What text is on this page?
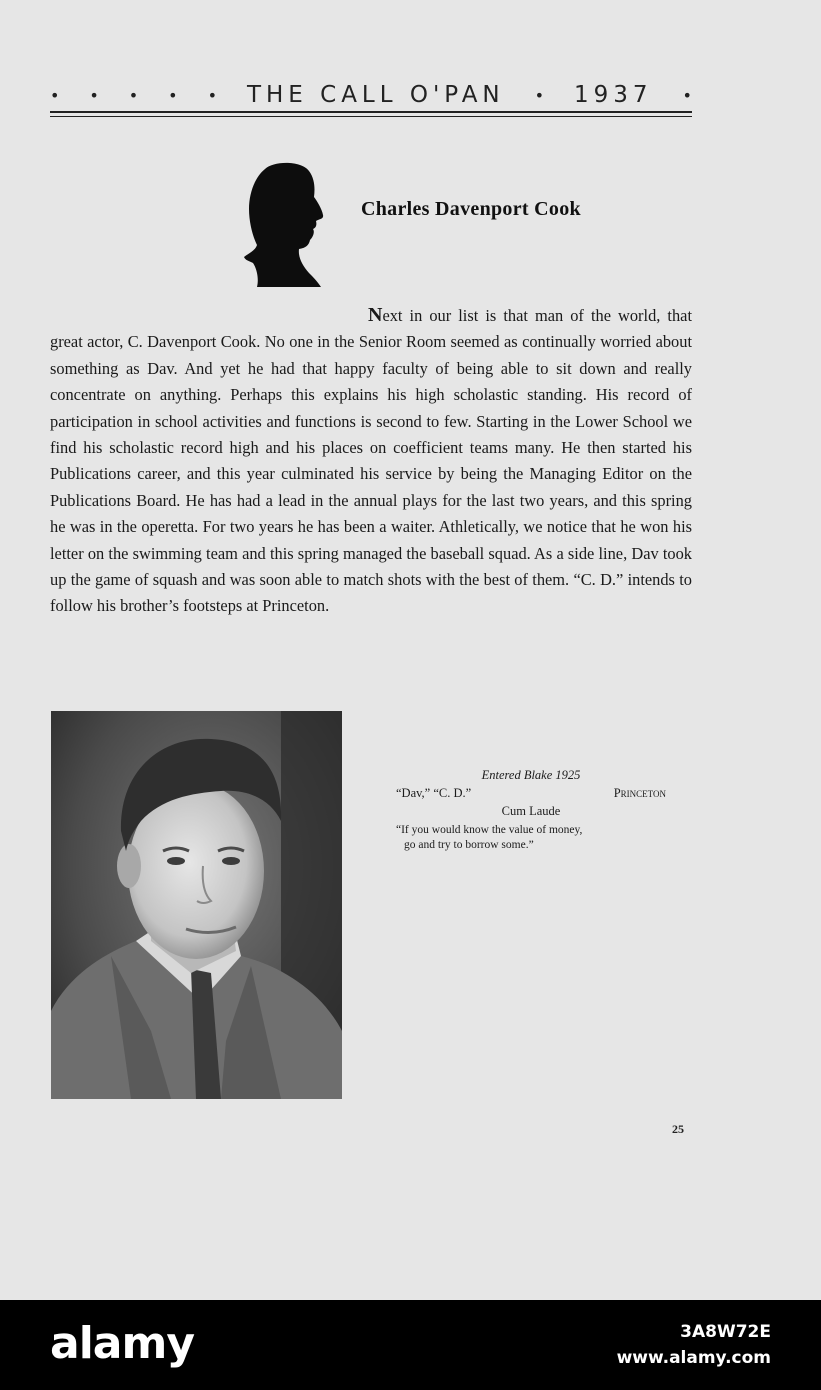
• • • • • THE CALL O'PAN • 1937 •
Charles Davenport Cook
Next in our list is that man of the world, that great actor, C. Davenport Cook. No one in the Senior Room seemed as continually worried about something as Dav. And yet he had that happy faculty of being able to sit down and really concentrate on anything. Perhaps this explains his high scholastic standing. His record of participation in school activities and functions is second to few. Starting in the Lower School we find his scholastic record high and his places on coefficient teams many. He then started his Publications career, and this year culminated his service by being the Managing Editor on the Publications Board. He has had a lead in the annual plays for the last two years, and this spring he was in the operetta. For two years he has been a waiter. Athletically, we notice that he won his letter on the swimming team and this spring managed the baseball squad. As a side line, Dav took up the game of squash and was soon able to match shots with the best of them. “C. D.” intends to follow his brother’s footsteps at Princeton.
Entered Blake 1925
“Dav,” “C. D.”	Princeton
Cum Laude
“If you would know the value of money,
go and try to borrow some.”
25
alamy	3A8W72E
www.alamy.com
